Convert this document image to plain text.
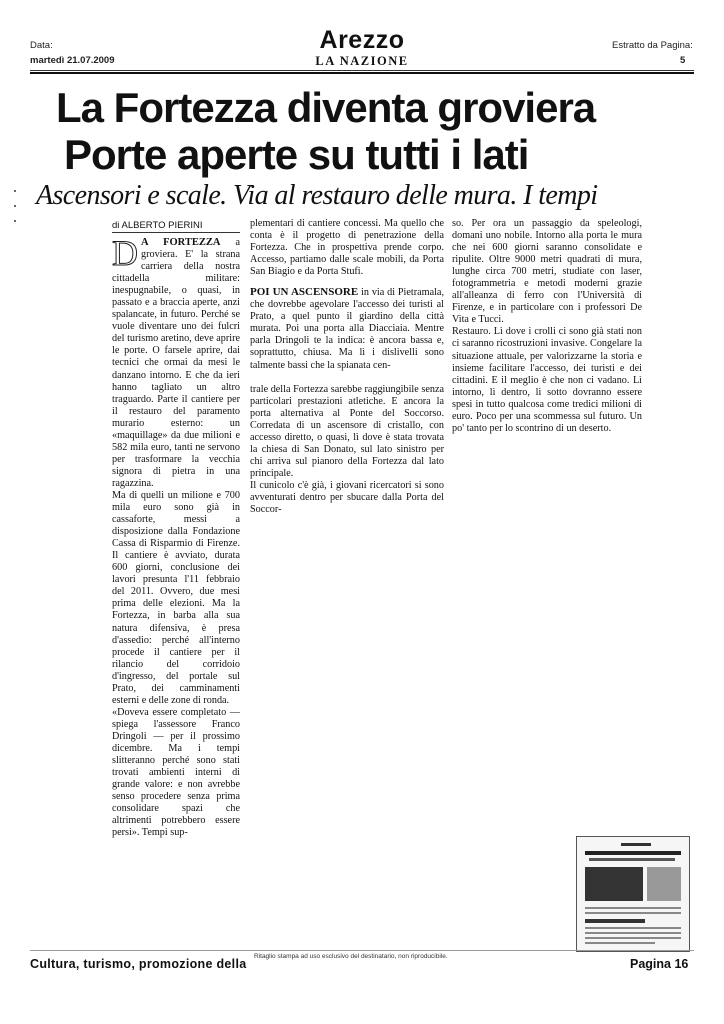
Data:
martedì 21.07.2009
Estratto da Pagina:
5
Arezzo
LA NAZIONE
La Fortezza diventa groviera
Porte aperte su tutti i lati
Ascensori e scale. Via al restauro delle mura. I tempi
di ALBERTO PIERINI

D A FORTEZZA a groviera. E' la strana carriera della nostra cittadella militare: inespugnabile, o quasi, in passato e a braccia aperte, anzi spalancate, in futuro. Perché se vuole diventare uno dei fulcri del turismo aretino, deve aprire le porte. O farsele aprire, dai tecnici che ormai da mesi le danzano intorno. E che da ieri hanno tagliato un altro traguardo. Parte il cantiere per il restauro del paramento murario esterno: un «maquillage» da due milioni e 582 mila euro, tanti ne servono per trasformare la vecchia signora di pietra in una ragazzina.

Ma di quelli un milione e 700 mila euro sono già in cassaforte, messi a disposizione dalla Fondazione Cassa di Risparmio di Firenze. Il cantiere è avviato, durata 600 giorni, conclusione dei lavori presunta l'11 febbraio del 2011. Ovvero, due mesi prima delle elezioni. Ma la Fortezza, in barba alla sua natura difensiva, è presa d'assedio: perché all'interno procede il cantiere per il rilancio del corridoio d'ingresso, del portale sul Prato, dei camminamenti esterni e delle zone di ronda.

«Doveva essere completato — spiega l'assessore Franco Dringoli — per il prossimo dicembre. Ma i tempi slitteranno perché sono stati trovati ambienti interni di grande valore: e non avrebbe senso procedere senza prima consolidare spazi che altrimenti potrebbero essere persi». Tempi sup-

plementari di cantiere concessi. Ma quello che conta è il progetto di penetrazione della Fortezza. Che in prospettiva prende corpo. Accesso, partiamo dalle scale mobili, da Porta San Biagio e da Porta Stufi.

POI UN ASCENSORE in via di Pietramala, che dovrebbe agevolare l'accesso dei turisti al Prato, a quel punto il giardino della città murata. Poi una porta alla Diacciaia. Mentre parla Dringoli te la indica: è ancora bassa e, soprattutto, chiusa. Ma lì i dislivelli sono talmente bassi che la spianata cen-

trale della Fortezza sarebbe raggiungibile senza particolari prestazioni atletiche. E ancora la porta alternativa al Ponte del Soccorso. Corredata di un ascensore di cristallo, con accesso diretto, o quasi, lì dove è stata trovata la chiesa di San Donato, sul lato sinistro per chi arriva sul pianoro della Fortezza dal lato principale.

Il cunicolo c'è già, i giovani ricercatori si sono avventurati dentro per sbucare dalla Porta del Soccor-

so. Per ora un passaggio da speleologi, domani uno nobile. Intorno alla porta le mura che nei 600 giorni saranno consolidate e ripulite. Oltre 9000 metri quadrati di mura, lunghe circa 700 metri, studiate con laser, fotogrammetria e metodi moderni grazie all'alleanza di ferro con l'Università di Firenze, e in particolare con i professori De Vita e Tucci.

Restauro. Lì dove i crolli ci sono già stati non ci saranno ricostruzioni invasive. Congelare la situazione attuale, per valorizzarne la storia e insieme facilitare l'accesso, dei turisti e dei cittadini. E il meglio è che non ci vadano. Lì intorno, lì dentro, lì sotto dovranno essere spesi in tutto qualcosa come tredici milioni di euro. Poco per una scommessa sul futuro. Un po' tanto per lo scontrino di un deserto.

Cultura, turismo, promozione della
Ritaglio stampa ad uso esclusivo del destinatario, non riproducibile.
Pagina 16
